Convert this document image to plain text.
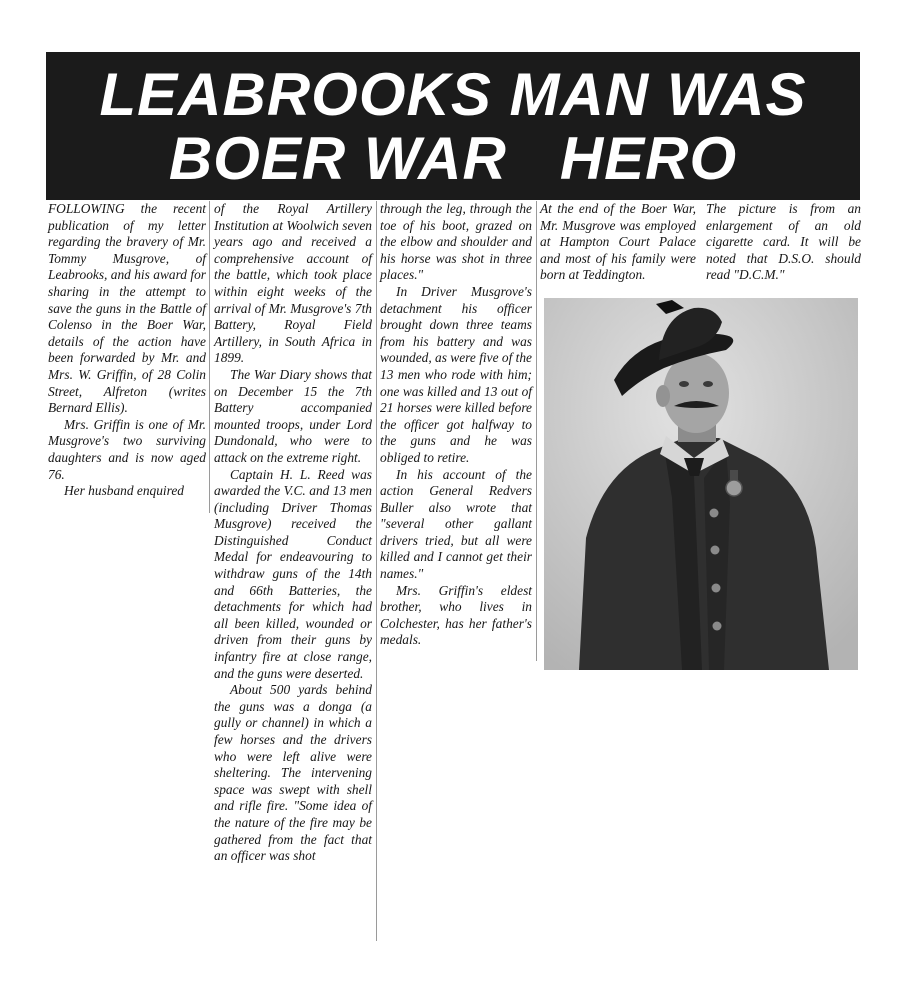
LEABROOKS MAN WAS
BOER WAR   HERO

FOLLOWING the recent publication of my letter regarding the bravery of Mr. Tommy Musgrove, of Leabrooks, and his award for sharing in the attempt to save the guns in the Battle of Colenso in the Boer War, details of the action have been forwarded by Mr. and Mrs. W. Griffin, of 28 Colin Street, Alfreton (writes Bernard Ellis).

Mrs. Griffin is one of Mr. Musgrove's two surviving daughters and is now aged 76.

Her husband enquired

of the Royal Artillery Institution at Woolwich seven years ago and received a comprehensive account of the battle, which took place within eight weeks of the arrival of Mr. Musgrove's 7th Battery, Royal Field Artillery, in South Africa in 1899.

The War Diary shows that on December 15 the 7th Battery accompanied mounted troops, under Lord Dundonald, who were to attack on the extreme right.

Captain H. L. Reed was awarded the V.C. and 13 men (including Driver Thomas Musgrove) received the Distinguished Conduct Medal for endeavouring to withdraw guns of the 14th and 66th Batteries, the detachments for which had all been killed, wounded or driven from their guns by infantry fire at close range, and the guns were deserted.

About 500 yards behind the guns was a donga (a gully or channel) in which a few horses and the drivers who were left alive were sheltering. The intervening space was swept with shell and rifle fire. "Some idea of the nature of the fire may be gathered from the fact that an officer was shot

through the leg, through the toe of his boot, grazed on the elbow and shoulder and his horse was shot in three places."

In Driver Musgrove's detachment his officer brought down three teams from his battery and was wounded, as were five of the 13 men who rode with him; one was killed and 13 out of 21 horses were killed before the officer got halfway to the guns and he was obliged to retire.

In his account of the action General Redvers Buller also wrote that "several other gallant drivers tried, but all were killed and I cannot get their names."

Mrs. Griffin's eldest brother, who lives in Colchester, has her father's medals.

At the end of the Boer War, Mr. Musgrove was employed at Hampton Court Palace and most of his family were born at Teddington.

The picture is from an enlargement of an old cigarette card. It will be noted that D.S.O. should read "D.C.M."
